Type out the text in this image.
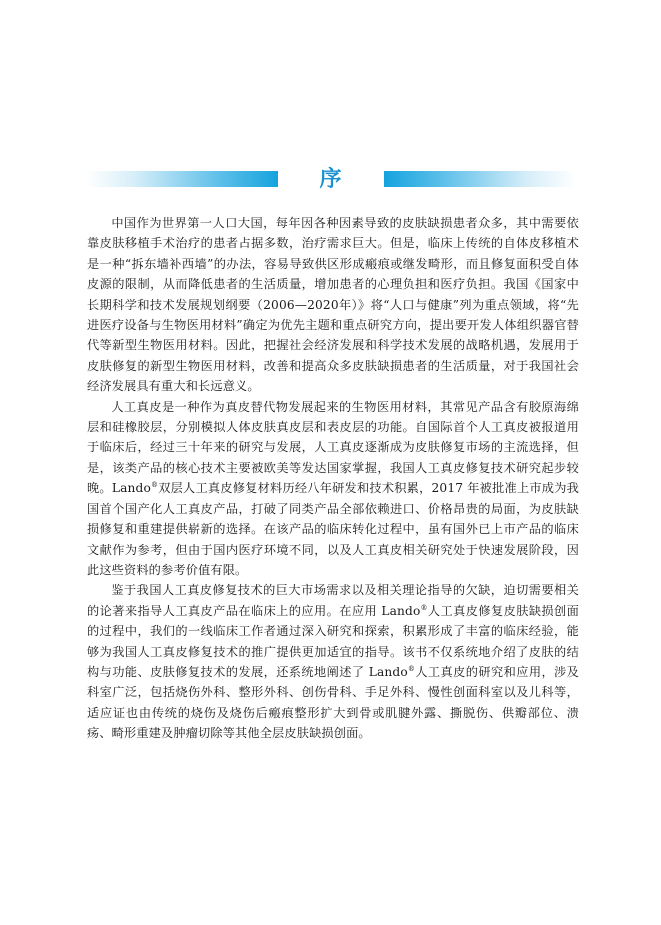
序

中国作为世界第一人口大国，每年因各种因素导致的皮肤缺损患者众多，其中需要依靠皮肤移植手术治疗的患者占据多数，治疗需求巨大。但是，临床上传统的自体皮移植术是一种“拆东墙补西墙”的办法，容易导致供区形成瘢痕或继发畸形，而且修复面积受自体皮源的限制，从而降低患者的生活质量，增加患者的心理负担和医疗负担。我国《国家中长期科学和技术发展规划纲要（2006—2020年）》将“人口与健康”列为重点领域，将“先进医疗设备与生物医用材料”确定为优先主题和重点研究方向，提出要开发人体组织器官替代等新型生物医用材料。因此，把握社会经济发展和科学技术发展的战略机遇，发展用于皮肤修复的新型生物医用材料，改善和提高众多皮肤缺损患者的生活质量，对于我国社会经济发展具有重大和长远意义。

人工真皮是一种作为真皮替代物发展起来的生物医用材料，其常见产品含有胶原海绵层和硅橡胶层，分别模拟人体皮肤真皮层和表皮层的功能。自国际首个人工真皮被报道用于临床后，经过三十年来的研究与发展，人工真皮逐渐成为皮肤修复市场的主流选择，但是，该类产品的核心技术主要被欧美等发达国家掌握，我国人工真皮修复技术研究起步较晚。Lando®双层人工真皮修复材料历经八年研发和技术积累，2017 年被批准上市成为我国首个国产化人工真皮产品，打破了同类产品全部依赖进口、价格昂贵的局面，为皮肤缺损修复和重建提供崭新的选择。在该产品的临床转化过程中，虽有国外已上市产品的临床文献作为参考，但由于国内医疗环境不同，以及人工真皮相关研究处于快速发展阶段，因此这些资料的参考价值有限。

鉴于我国人工真皮修复技术的巨大市场需求以及相关理论指导的欠缺，迫切需要相关的论著来指导人工真皮产品在临床上的应用。在应用 Lando®人工真皮修复皮肤缺损创面的过程中，我们的一线临床工作者通过深入研究和探索，积累形成了丰富的临床经验，能够为我国人工真皮修复技术的推广提供更加适宜的指导。该书不仅系统地介绍了皮肤的结构与功能、皮肤修复技术的发展，还系统地阐述了 Lando®人工真皮的研究和应用，涉及科室广泛，包括烧伤外科、整形外科、创伤骨科、手足外科、慢性创面科室以及儿科等，适应证也由传统的烧伤及烧伤后瘢痕整形扩大到骨或肌腱外露、撕脱伤、供瓣部位、溃疡、畸形重建及肿瘤切除等其他全层皮肤缺损创面。
